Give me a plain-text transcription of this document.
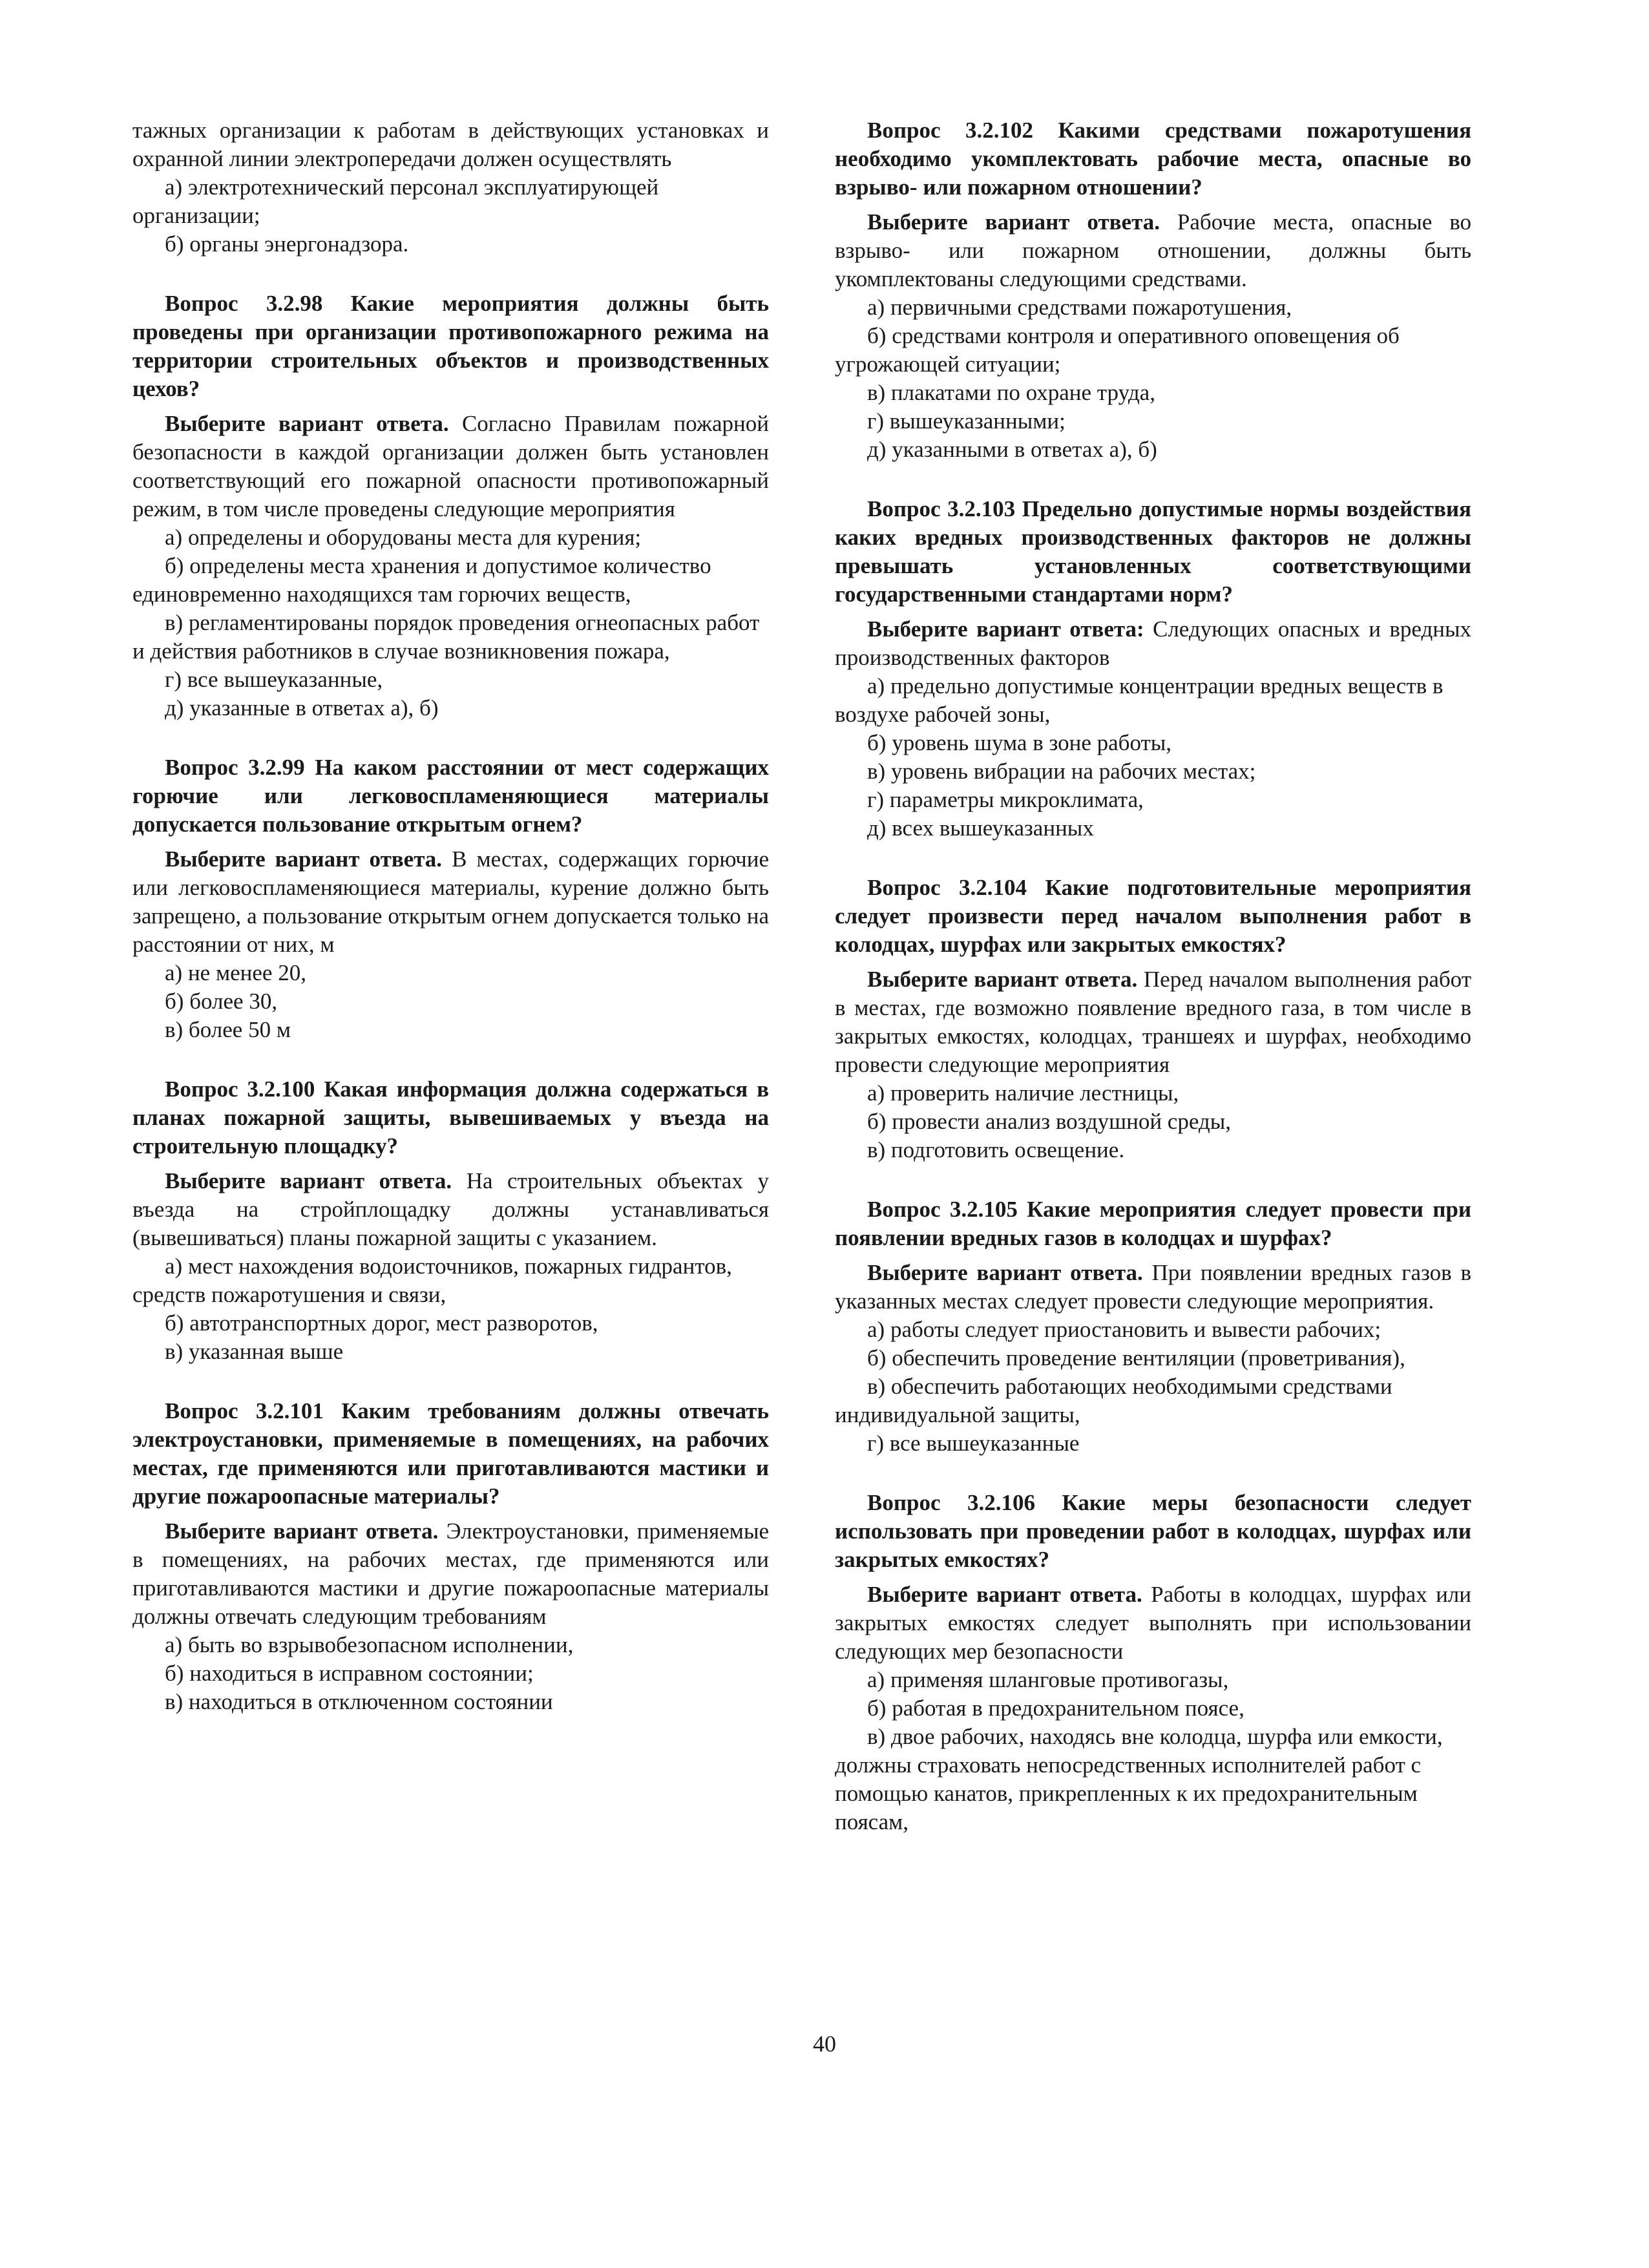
тажных организации к работам в действующих установках и охранной линии электропередачи должен осуществлять

а) электротехнический персонал эксплуатирующей организации;

б) органы энергонадзора.

Вопрос 3.2.98 Какие мероприятия должны быть проведены при организации противопожарного режима на территории строительных объектов и производственных цехов?

Выберите вариант ответа. Согласно Правилам пожарной безопасности в каждой организации должен быть установлен соответствующий его пожарной опасности противопожарный режим, в том числе проведены следующие мероприятия

а) определены и оборудованы места для курения;

б) определены места хранения и допустимое количество единовременно находящихся там горючих веществ,

в) регламентированы порядок проведения огнеопасных работ и действия работников в случае возникновения пожара,

г) все вышеуказанные,

д) указанные в ответах а), б)

Вопрос 3.2.99 На каком расстоянии от мест содержащих горючие или легковоспламеняющиеся материалы допускается пользование открытым огнем?

Выберите вариант ответа. В местах, содержащих горючие или легковоспламеняющиеся материалы, курение должно быть запрещено, а пользование открытым огнем допускается только на расстоянии от них, м

а) не менее 20,

б) более 30,

в) более 50 м

Вопрос 3.2.100 Какая информация должна содержаться в планах пожарной защиты, вывешиваемых у въезда на строительную площадку?

Выберите вариант ответа. На строительных объектах у въезда на стройплощадку должны устанавливаться (вывешиваться) планы пожарной защиты с указанием.

а) мест нахождения водоисточников, пожарных гидрантов, средств пожаротушения и связи,

б) автотранспортных дорог, мест разворотов,

в) указанная выше

Вопрос 3.2.101 Каким требованиям должны отвечать электроустановки, применяемые в помещениях, на рабочих местах, где применяются или приготавливаются мастики и другие пожароопасные материалы?

Выберите вариант ответа. Электроустановки, применяемые в помещениях, на рабочих местах, где применяются или приготавливаются мастики и другие пожароопасные материалы должны отвечать следующим требованиям

а) быть во взрывобезопасном исполнении,

б) находиться в исправном состоянии;

в) находиться в отключенном состоянии

Вопрос 3.2.102 Какими средствами пожаротушения необходимо укомплектовать рабочие места, опасные во взрыво- или пожарном отношении?

Выберите вариант ответа. Рабочие места, опасные во взрыво- или пожарном отношении, должны быть укомплектованы следующими средствами.

а) первичными средствами пожаротушения,

б) средствами контроля и оперативного оповещения об угрожающей ситуации;

в) плакатами по охране труда,

г) вышеуказанными;

д) указанными в ответах а), б)

Вопрос 3.2.103 Предельно допустимые нормы воздействия каких вредных производственных факторов не должны превышать установленных соответствующими государственными стандартами норм?

Выберите вариант ответа: Следующих опасных и вредных производственных факторов

а) предельно допустимые концентрации вредных веществ в воздухе рабочей зоны,

б) уровень шума в зоне работы,

в) уровень вибрации на рабочих местах;

г) параметры микроклимата,

д) всех вышеуказанных

Вопрос 3.2.104 Какие подготовительные мероприятия следует произвести перед началом выполнения работ в колодцах, шурфах или закрытых емкостях?

Выберите вариант ответа. Перед началом выполнения работ в местах, где возможно появление вредного газа, в том числе в закрытых емкостях, колодцах, траншеях и шурфах, необходимо провести следующие мероприятия

а) проверить наличие лестницы,

б) провести анализ воздушной среды,

в) подготовить освещение.

Вопрос 3.2.105 Какие мероприятия следует провести при появлении вредных газов в колодцах и шурфах?

Выберите вариант ответа. При появлении вредных газов в указанных местах следует провести следующие мероприятия.

а) работы следует приостановить и вывести рабочих;

б) обеспечить проведение вентиляции (проветривания),

в) обеспечить работающих необходимыми средствами индивидуальной защиты,

г) все вышеуказанные

Вопрос 3.2.106 Какие меры безопасности следует использовать при проведении работ в колодцах, шурфах или закрытых емкостях?

Выберите вариант ответа. Работы в колодцах, шурфах или закрытых емкостях следует выполнять при использовании следующих мер безопасности

а) применяя шланговые противогазы,

б) работая в предохранительном поясе,

в) двое рабочих, находясь вне колодца, шурфа или емкости, должны страховать непосредственных исполнителей работ с помощью канатов, прикрепленных к их предохранительным поясам,

40
